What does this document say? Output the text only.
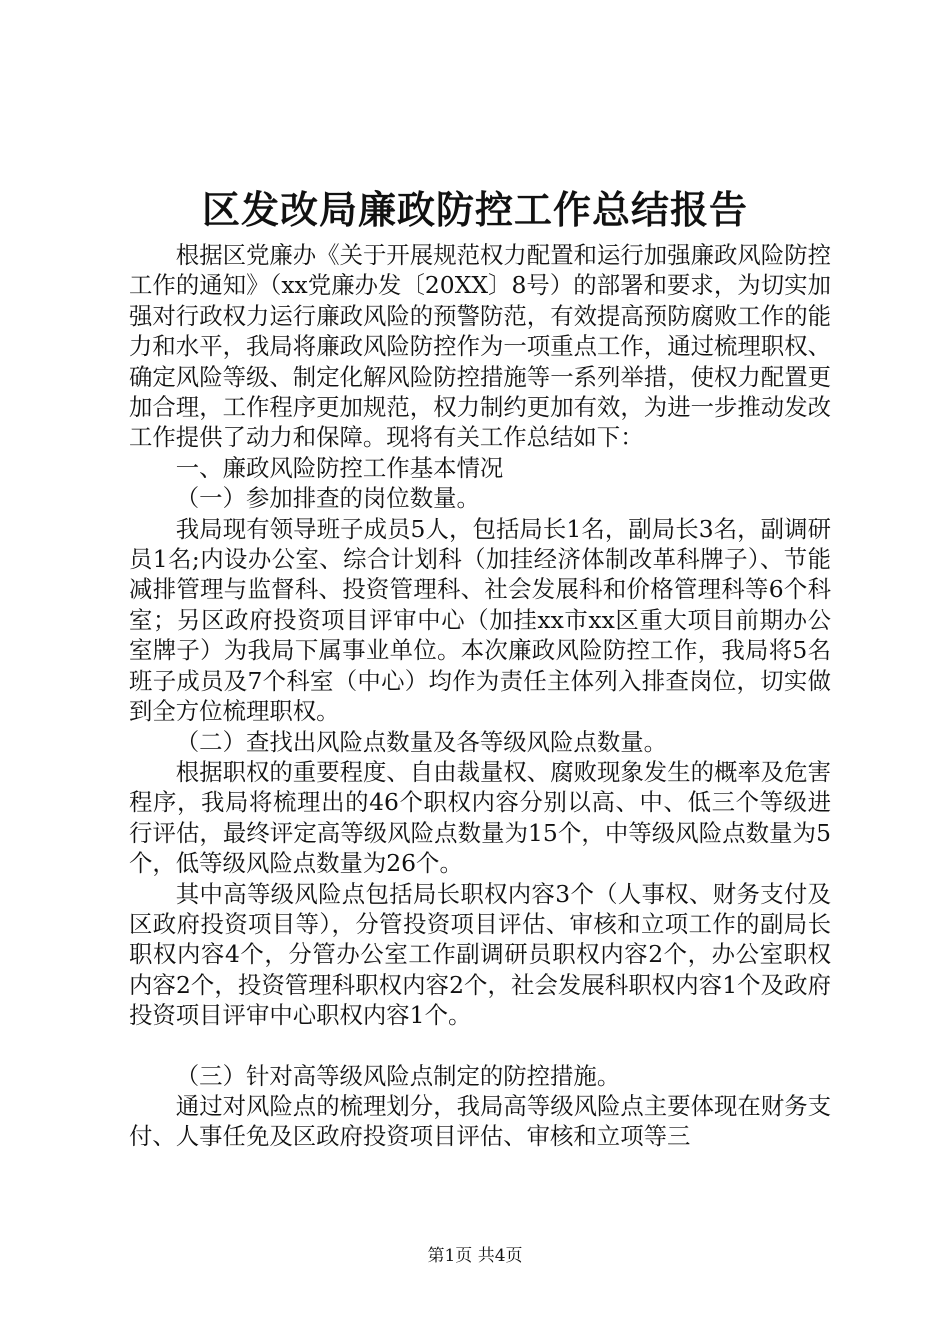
区发改局廉政防控工作总结报告

根据区党廉办《关于开展规范权力配置和运行加强廉政风险防控工作的通知》（xx党廉办发〔20XX〕8号）的部署和要求，为切实加强对行政权力运行廉政风险的预警防范，有效提高预防腐败工作的能力和水平，我局将廉政风险防控作为一项重点工作，通过梳理职权、确定风险等级、制定化解风险防控措施等一系列举措，使权力配置更加合理，工作程序更加规范，权力制约更加有效，为进一步推动发改工作提供了动力和保障。现将有关工作总结如下：

一、廉政风险防控工作基本情况

（一）参加排查的岗位数量。

我局现有领导班子成员5人，包括局长1名，副局长3名，副调研员1名;内设办公室、综合计划科（加挂经济体制改革科牌子）、节能减排管理与监督科、投资管理科、社会发展科和价格管理科等6个科室；另区政府投资项目评审中心（加挂xx市xx区重大项目前期办公室牌子）为我局下属事业单位。本次廉政风险防控工作，我局将5名班子成员及7个科室（中心）均作为责任主体列入排查岗位，切实做到全方位梳理职权。

（二）查找出风险点数量及各等级风险点数量。

根据职权的重要程度、自由裁量权、腐败现象发生的概率及危害程序，我局将梳理出的46个职权内容分别以高、中、低三个等级进行评估，最终评定高等级风险点数量为15个，中等级风险点数量为5个，低等级风险点数量为26个。

其中高等级风险点包括局长职权内容3个（人事权、财务支付及区政府投资项目等），分管投资项目评估、审核和立项工作的副局长职权内容4个，分管办公室工作副调研员职权内容2个，办公室职权内容2个，投资管理科职权内容2个，社会发展科职权内容1个及政府投资项目评审中心职权内容1个。

（三）针对高等级风险点制定的防控措施。

通过对风险点的梳理划分，我局高等级风险点主要体现在财务支付、人事任免及区政府投资项目评估、审核和立项等三

第1页 共4页
